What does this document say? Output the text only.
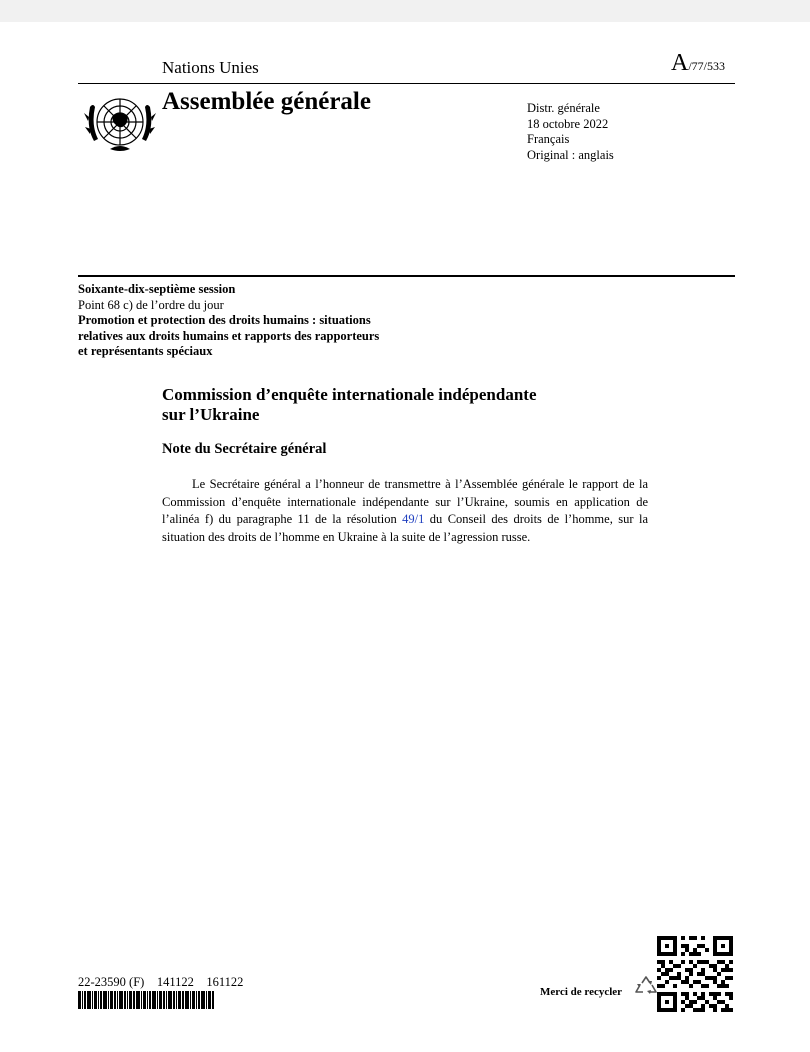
Nations Unies	A/77/533
Assemblée générale	Distr. générale
18 octobre 2022
Français
Original : anglais
Soixante-dix-septième session
Point 68 c) de l’ordre du jour
Promotion et protection des droits humains : situations
relatives aux droits humains et rapports des rapporteurs
et représentants spéciaux
Commission d’enquête internationale indépendante
sur l’Ukraine
Note du Secrétaire général
Le Secrétaire général a l’honneur de transmettre à l’Assemblée générale le rapport de la Commission d’enquête internationale indépendante sur l’Ukraine, soumis en application de l’alinéa f) du paragraphe 11 de la résolution 49/1 du Conseil des droits de l’homme, sur la situation des droits de l’homme en Ukraine à la suite de l’agression russe.
22-23590 (F) 141122 161122
Merci de recycler
